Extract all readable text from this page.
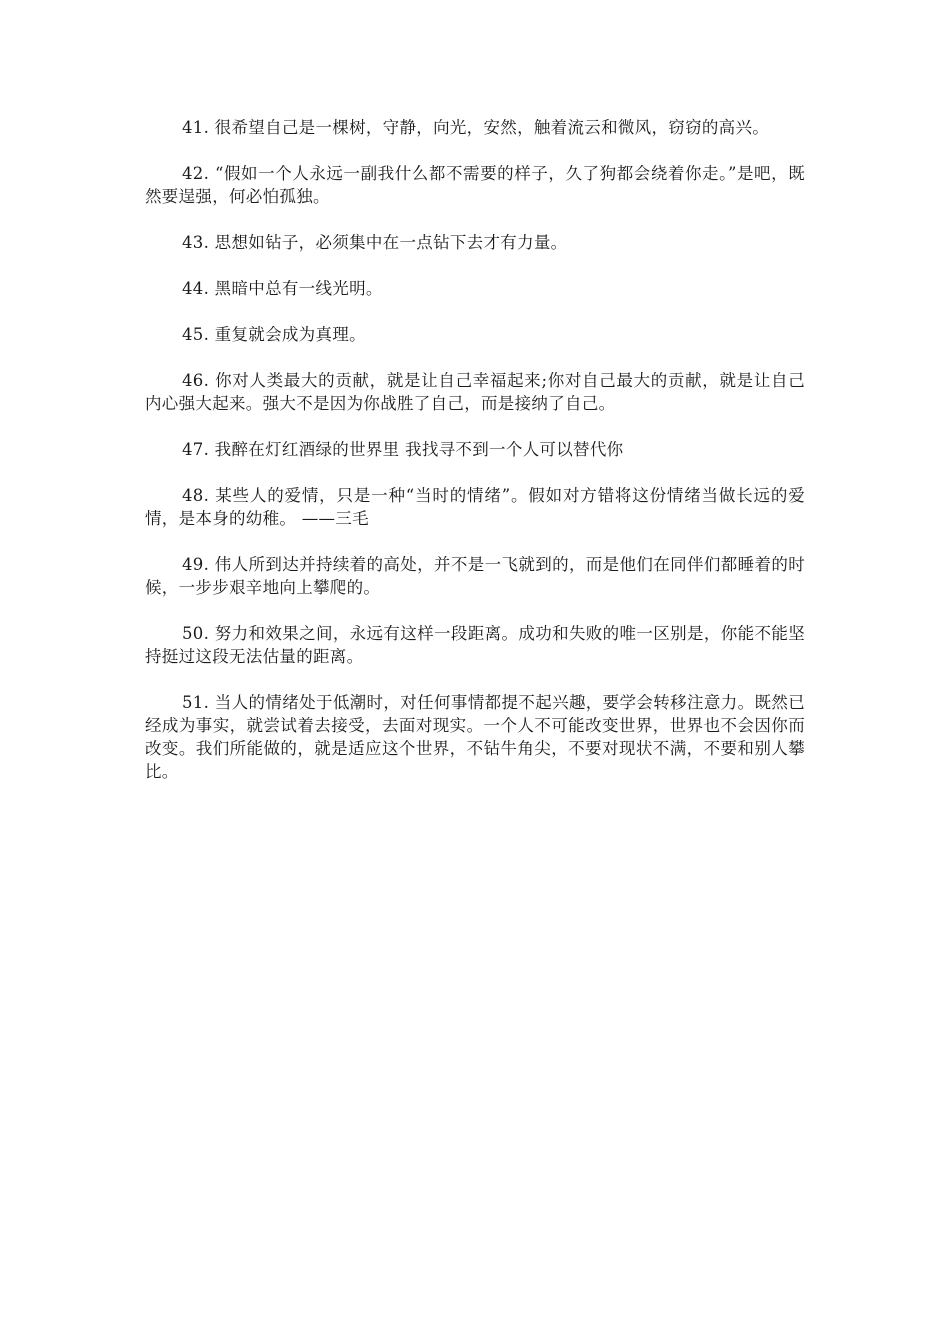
41. 很希望自己是一棵树，守静，向光，安然，触着流云和微风，窃窃的高兴。

42. “假如一个人永远一副我什么都不需要的样子，久了狗都会绕着你走。”是吧，既然要逞强，何必怕孤独。

43. 思想如钻子，必须集中在一点钻下去才有力量。

44. 黑暗中总有一线光明。

45. 重复就会成为真理。

46. 你对人类最大的贡献，就是让自己幸福起来;你对自己最大的贡献，就是让自己内心强大起来。强大不是因为你战胜了自己，而是接纳了自己。

47. 我醉在灯红酒绿的世界里 我找寻不到一个人可以替代你

48. 某些人的爱情，只是一种“当时的情绪”。假如对方错将这份情绪当做长远的爱情，是本身的幼稚。 ——三毛

49. 伟人所到达并持续着的高处，并不是一飞就到的，而是他们在同伴们都睡着的时候，一步步艰辛地向上攀爬的。

50. 努力和效果之间，永远有这样一段距离。成功和失败的唯一区别是，你能不能坚持挺过这段无法估量的距离。

51. 当人的情绪处于低潮时，对任何事情都提不起兴趣，要学会转移注意力。既然已经成为事实，就尝试着去接受，去面对现实。一个人不可能改变世界，世界也不会因你而改变。我们所能做的，就是适应这个世界，不钻牛角尖，不要对现状不满，不要和别人攀比。
